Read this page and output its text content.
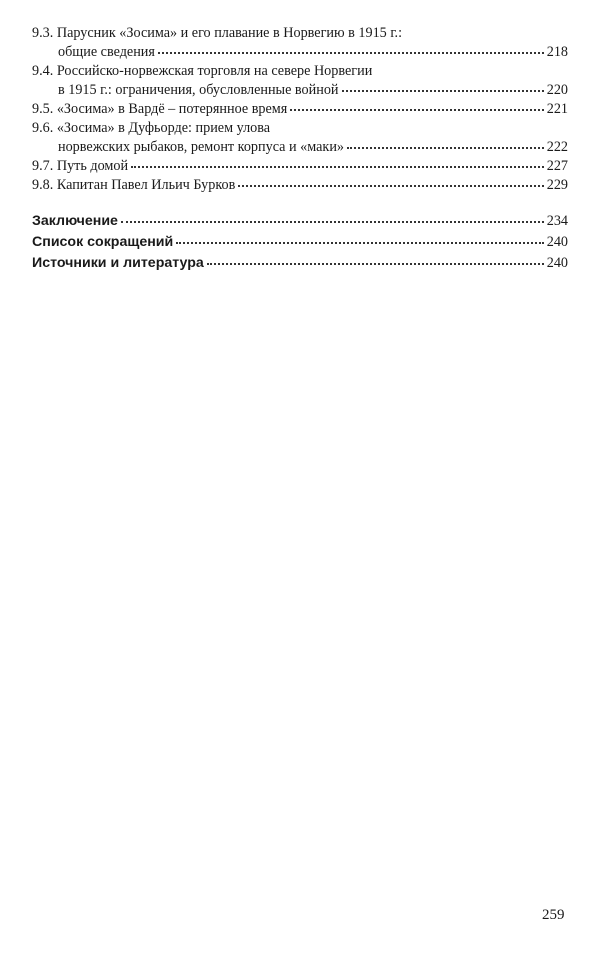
9.3. Парусник «Зосима» и его плавание в Норвегию в 1915 г.:
общие сведения	218
9.4. Российско-норвежская торговля на севере Норвегии
в 1915 г.: ограничения, обусловленные войной	220
9.5. «Зосима» в Вардё – потерянное время	221
9.6. «Зосима» в Дуфьорде: прием улова
норвежских рыбаков, ремонт корпуса и «маки»	222
9.7. Путь домой	227
9.8. Капитан Павел Ильич Бурков	229
Заключение	234
Список сокращений	240
Источники и литература	240
259
